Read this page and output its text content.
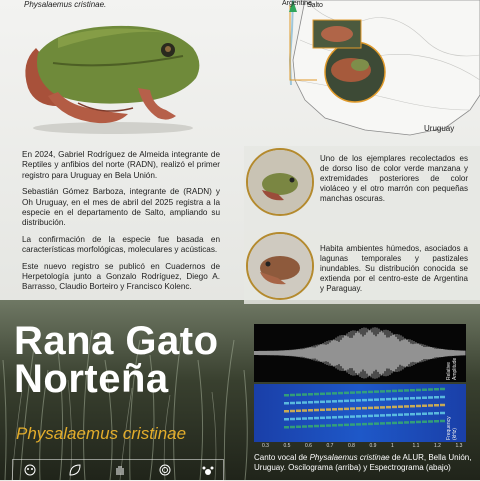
Physalaemus cristinae.	Argentina
Salto
Uruguay

En 2024, Gabriel Rodríguez de Almeida integrante de Reptiles y anfibios del norte (RADN), realizó el primer registro para Uruguay en Bela Unión.

Sebastián Gómez Barboza, integrante de (RADN) y Oh Uruguay, en el mes de abril del 2025 registra a la especie en el departamento de Salto, ampliando su distribución.

La confirmación de la especie fue basada en características morfológicas, moleculares y acústicas.

Este nuevo registro se publicó en Cuadernos de Herpetología junto a Gonzalo Rodríguez, Diego A. Barrasso, Claudio Borteiro y Francisco Kolenc.

Uno de los ejemplares recolectados es de dorso liso de color verde manzana y extremidades posteriores de color violáceo y el otro marrón con pequeñas manchas oscuras.
Habita ambientes húmedos, asociados a lagunas temporales y pastizales inundables. Su distribución conocida se extienda por el centro-este de Argentina y Paraguay.
Rana Gato
Norteña
Physalaemus cristinae
Relative Amplitude
Frequency (kHz)
0.3	0.5	0.6	0.7	0.8	0.9	1	1.1	1.2	1.3
Canto vocal de Physalaemus cristinae de ALUR, Bella Unión, Uruguay. Oscilograma (arriba) y Espectrograma (abajo)
